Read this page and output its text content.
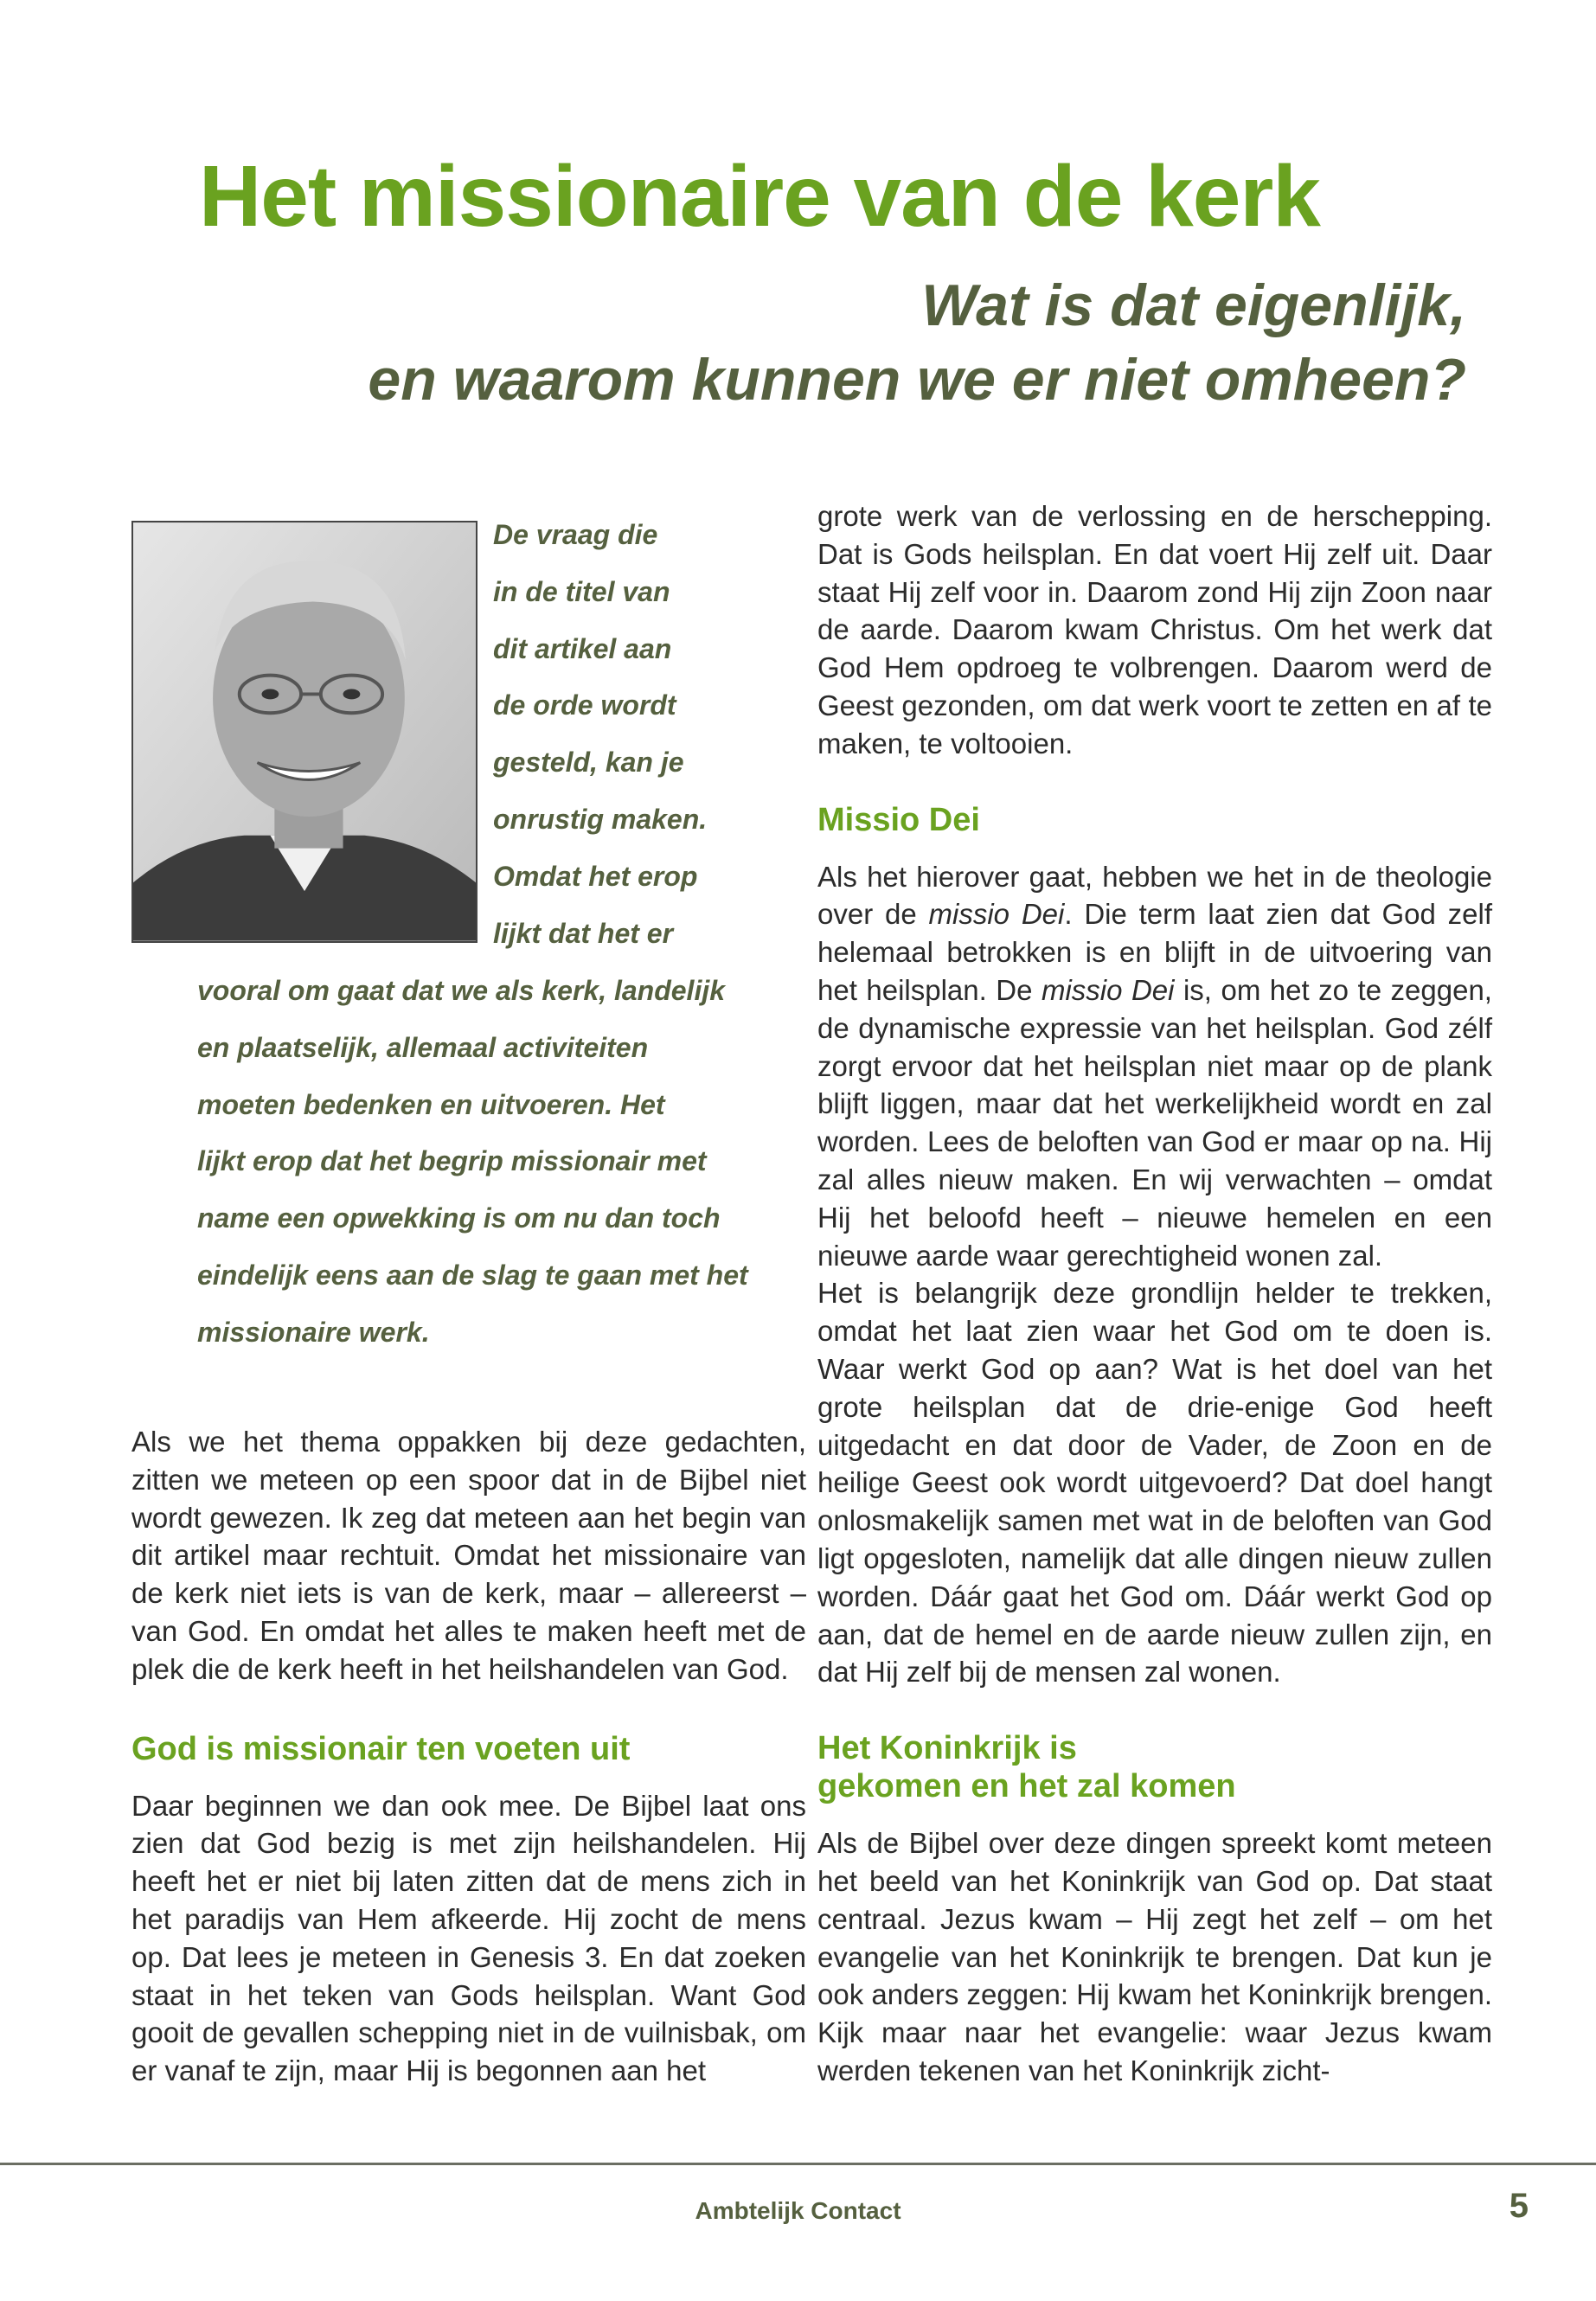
Het missionaire van de kerk
Wat is dat eigenlijk,
en waarom kunnen we er niet omheen?
De vraag die
in de titel van
dit artikel aan
de orde wordt
gesteld, kan je
onrustig maken.
Omdat het erop
lijkt dat het er
vooral om gaat dat we als kerk, landelijk
en plaatselijk, allemaal activiteiten
moeten bedenken en uitvoeren. Het
lijkt erop dat het begrip missionair met
name een opwekking is om nu dan toch
eindelijk eens aan de slag te gaan met het
missionaire werk.

Als we het thema oppakken bij deze gedachten, zitten we meteen op een spoor dat in de Bijbel niet wordt gewezen. Ik zeg dat meteen aan het begin van dit artikel maar rechtuit. Omdat het missionaire van de kerk niet iets is van de kerk, maar – allereerst – van God. En omdat het alles te maken heeft met de plek die de kerk heeft in het heilshandelen van God.

God is missionair ten voeten uit

Daar beginnen we dan ook mee. De Bijbel laat ons zien dat God bezig is met zijn heilshandelen. Hij heeft het er niet bij laten zitten dat de mens zich in het paradijs van Hem afkeerde. Hij zocht de mens op. Dat lees je meteen in Genesis 3. En dat zoeken staat in het teken van Gods heilsplan. Want God gooit de gevallen schepping niet in de vuilnisbak, om er vanaf te zijn, maar Hij is begonnen aan het

grote werk van de verlossing en de herschepping. Dat is Gods heilsplan. En dat voert Hij zelf uit. Daar staat Hij zelf voor in. Daarom zond Hij zijn Zoon naar de aarde. Daarom kwam Christus. Om het werk dat God Hem opdroeg te volbrengen. Daarom werd de Geest gezonden, om dat werk voort te zetten en af te maken, te voltooien.

Missio Dei

Als het hierover gaat, hebben we het in de theologie over de missio Dei. Die term laat zien dat God zelf helemaal betrokken is en blijft in de uitvoering van het heilsplan. De missio Dei is, om het zo te zeggen, de dynamische expressie van het heilsplan. God zélf zorgt ervoor dat het heilsplan niet maar op de plank blijft liggen, maar dat het werkelijkheid wordt en zal worden. Lees de beloften van God er maar op na. Hij zal alles nieuw maken. En wij verwachten – omdat Hij het beloofd heeft – nieuwe hemelen en een nieuwe aarde waar gerechtigheid wonen zal.

Het is belangrijk deze grondlijn helder te trekken, omdat het laat zien waar het God om te doen is. Waar werkt God op aan? Wat is het doel van het grote heilsplan dat de drie-enige God heeft uitgedacht en dat door de Vader, de Zoon en de heilige Geest ook wordt uitgevoerd? Dat doel hangt onlosmakelijk samen met wat in de beloften van God ligt opgesloten, namelijk dat alle dingen nieuw zullen worden. Dáár gaat het God om. Dáár werkt God op aan, dat de hemel en de aarde nieuw zullen zijn, en dat Hij zelf bij de mensen zal wonen.

Het Koninkrijk is
gekomen en het zal komen

Als de Bijbel over deze dingen spreekt komt meteen het beeld van het Koninkrijk van God op. Dat staat centraal. Jezus kwam – Hij zegt het zelf – om het evangelie van het Koninkrijk te brengen. Dat kun je ook anders zeggen: Hij kwam het Koninkrijk brengen. Kijk maar naar het evangelie: waar Jezus kwam werden tekenen van het Koninkrijk zicht-

Ambtelijk Contact	5
